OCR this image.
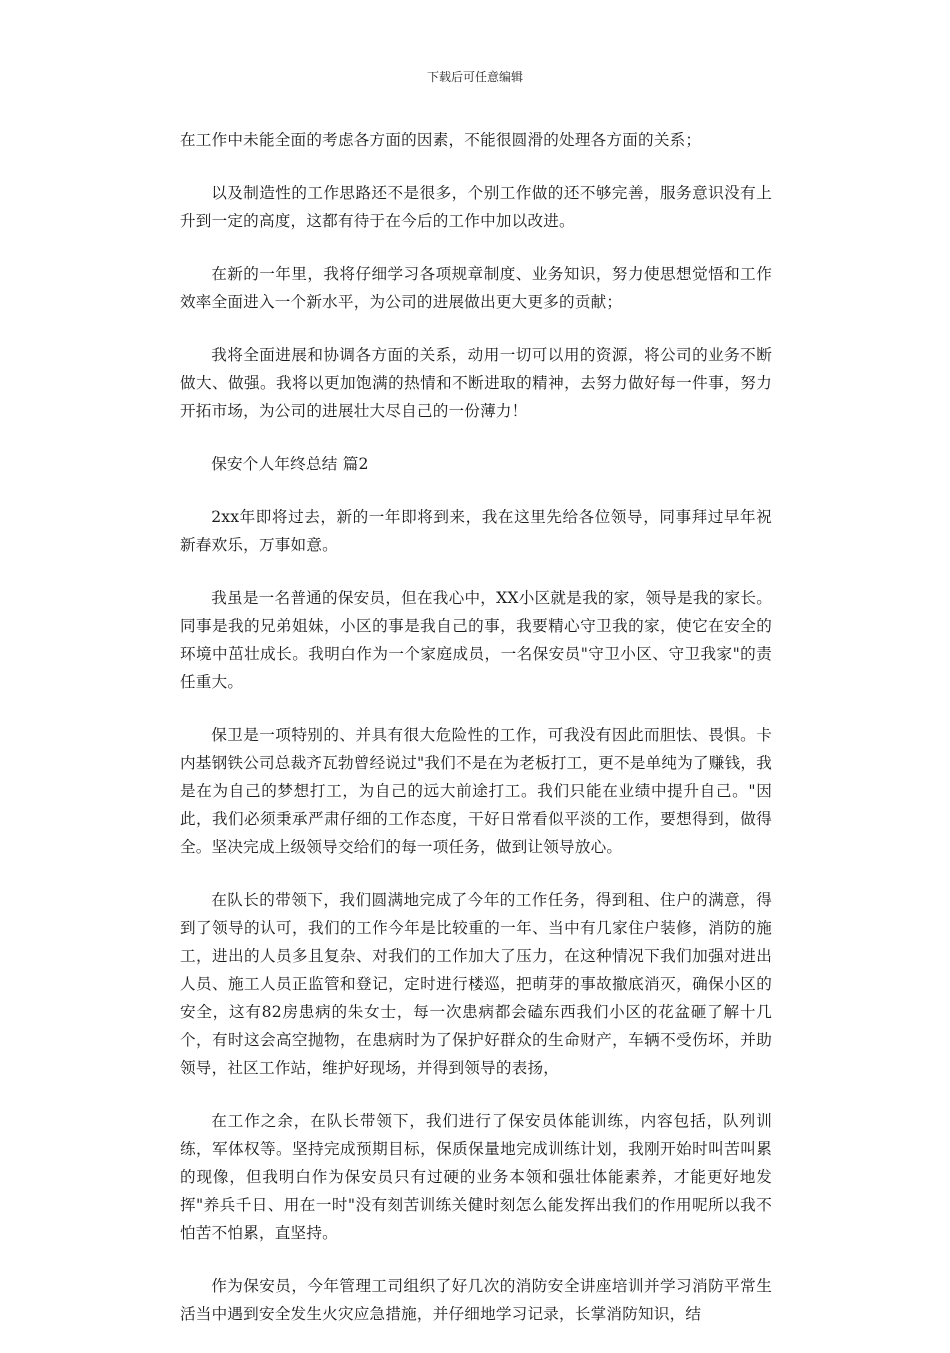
下载后可任意编辑

在工作中未能全面的考虑各方面的因素，不能很圆滑的处理各方面的关系；

以及制造性的工作思路还不是很多，个别工作做的还不够完善，服务意识没有上升到一定的高度，这都有待于在今后的工作中加以改进。

在新的一年里，我将仔细学习各项规章制度、业务知识，努力使思想觉悟和工作效率全面进入一个新水平，为公司的进展做出更大更多的贡献；

我将全面进展和协调各方面的关系，动用一切可以用的资源，将公司的业务不断做大、做强。我将以更加饱满的热情和不断进取的精神，去努力做好每一件事，努力开拓市场，为公司的进展壮大尽自己的一份薄力！

保安个人年终总结 篇2

2xx年即将过去，新的一年即将到来，我在这里先给各位领导，同事拜过早年祝新春欢乐，万事如意。

我虽是一名普通的保安员，但在我心中，XX小区就是我的家，领导是我的家长。同事是我的兄弟姐妹，小区的事是我自己的事，我要精心守卫我的家，使它在安全的环境中茁壮成长。我明白作为一个家庭成员，一名保安员"守卫小区、守卫我家"的责任重大。

保卫是一项特别的、并具有很大危险性的工作，可我没有因此而胆怯、畏惧。卡内基钢铁公司总裁齐瓦勃曾经说过"我们不是在为老板打工，更不是单纯为了赚钱，我是在为自己的梦想打工，为自己的远大前途打工。我们只能在业绩中提升自己。"因此，我们必须秉承严肃仔细的工作态度，干好日常看似平淡的工作，要想得到，做得全。坚决完成上级领导交给们的每一项任务，做到让领导放心。

在队长的带领下，我们圆满地完成了今年的工作任务，得到租、住户的满意，得到了领导的认可，我们的工作今年是比较重的一年、当中有几家住户装修，消防的施工，进出的人员多且复杂、对我们的工作加大了压力，在这种情况下我们加强对进出人员、施工人员正监管和登记，定时进行楼巡，把萌芽的事故撤底消灭，确保小区的安全，这有82房患病的朱女士，每一次患病都会磕东西我们小区的花盆砸了解十几个，有时这会高空抛物，在患病时为了保护好群众的生命财产，车辆不受伤坏，并助领导，社区工作站，维护好现场，并得到领导的表扬，

在工作之余，在队长带领下，我们进行了保安员体能训练，内容包括，队列训练，军体权等。坚持完成预期目标，保质保量地完成训练计划，我刚开始时叫苦叫累的现像，但我明白作为保安员只有过硬的业务本领和强壮体能素养，才能更好地发挥"养兵千日、用在一时"没有刻苦训练关健时刻怎么能发挥出我们的作用呢所以我不怕苦不怕累，直坚持。

作为保安员，今年管理工司组织了好几次的消防安全讲座培训并学习消防平常生活当中遇到安全发生火灾应急措施，并仔细地学习记录，长掌消防知识，结
